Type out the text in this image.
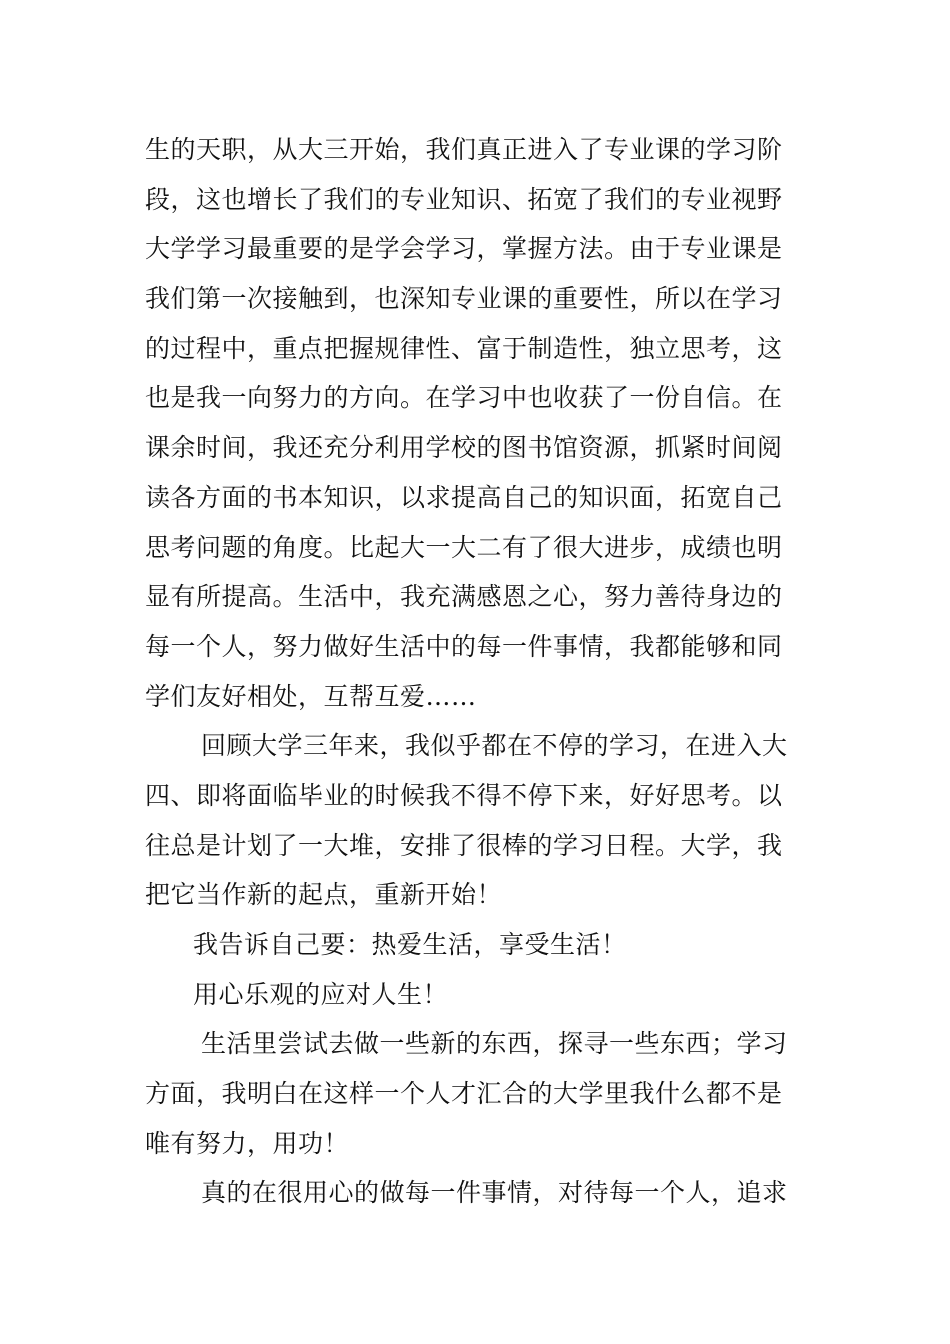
生的天职，从大三开始，我们真正进入了专业课的学习阶
段，这也增长了我们的专业知识、拓宽了我们的专业视野
大学学习最重要的是学会学习，掌握方法。由于专业课是
我们第一次接触到，也深知专业课的重要性，所以在学习
的过程中，重点把握规律性、富于制造性，独立思考，这
也是我一向努力的方向。在学习中也收获了一份自信。在
课余时间，我还充分利用学校的图书馆资源，抓紧时间阅
读各方面的书本知识，以求提高自己的知识面，拓宽自己
思考问题的角度。比起大一大二有了很大进步，成绩也明
显有所提高。生活中，我充满感恩之心，努力善待身边的
每一个人，努力做好生活中的每一件事情，我都能够和同
学们友好相处，互帮互爱……
回顾大学三年来，我似乎都在不停的学习，在进入大
四、即将面临毕业的时候我不得不停下来，好好思考。以
往总是计划了一大堆，安排了很棒的学习日程。大学，我
把它当作新的起点，重新开始！
我告诉自己要：热爱生活，享受生活！
用心乐观的应对人生！
生活里尝试去做一些新的东西，探寻一些东西；学习
方面，我明白在这样一个人才汇合的大学里我什么都不是
唯有努力，用功！
真的在很用心的做每一件事情，对待每一个人，追求
